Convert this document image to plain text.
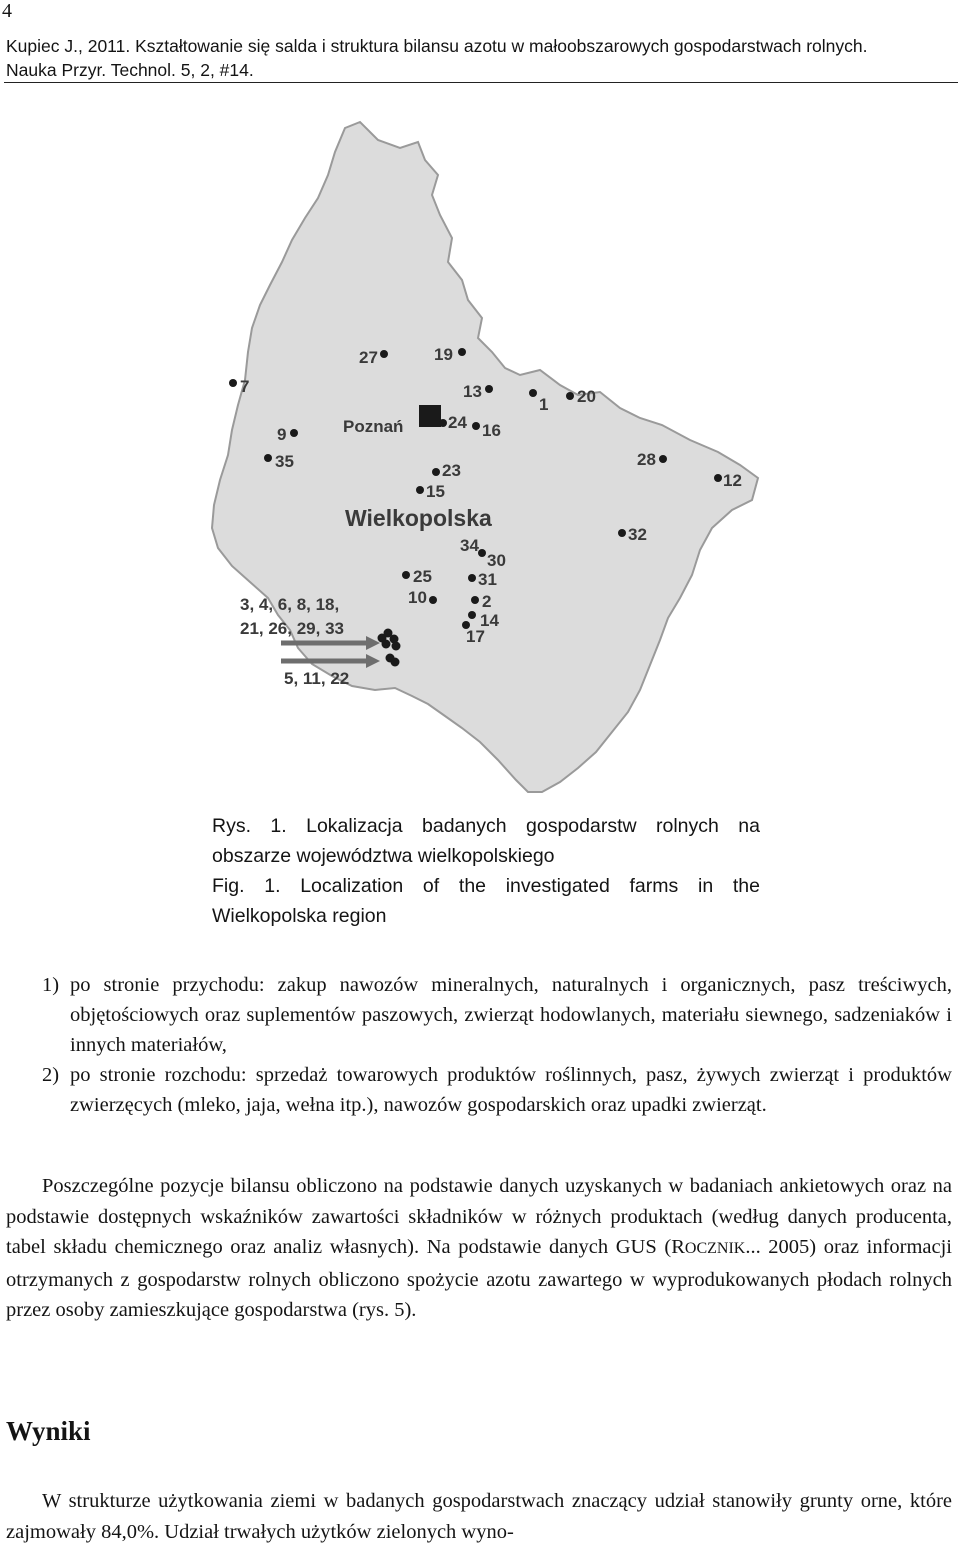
4
Kupiec J., 2011. Kształtowanie się salda i struktura bilansu azotu w małoobszarowych gospodarstwach rolnych.
Nauka Przyr. Technol. 5, 2, #14.
Poznań
Wielkopolska
7
27	19
13
1 20
9
35
24 16
28
12
23
15
32
34
30
25	31
10	2
14
17
3, 4, 6, 8, 18,
21, 26, 29, 33
5, 11, 22

Rys. 1. Lokalizacja badanych gospodarstw rolnych na

obszarze województwa wielkopolskiego

Fig. 1. Localization of the investigated farms in the

Wielkopolska region

1) po stronie przychodu: zakup nawozów mineralnych, naturalnych i organicznych, pasz treściwych, objętościowych oraz suplementów paszowych, zwierząt hodowlanych, materiału siewnego, sadzeniaków i innych materiałów,
2) po stronie rozchodu: sprzedaż towarowych produktów roślinnych, pasz, żywych zwierząt i produktów zwierzęcych (mleko, jaja, wełna itp.), nawozów gospodarskich oraz upadki zwierząt.

Poszczególne pozycje bilansu obliczono na podstawie danych uzyskanych w badaniach ankietowych oraz na podstawie dostępnych wskaźników zawartości składników w różnych produktach (według danych producenta, tabel składu chemicznego oraz analiz własnych). Na podstawie danych GUS (ROCZNIK... 2005) oraz informacji otrzymanych z gospodarstw rolnych obliczono spożycie azotu zawartego w wyprodukowanych płodach rolnych przez osoby zamieszkujące gospodarstwa (rys. 5).

Wyniki

W strukturze użytkowania ziemi w badanych gospodarstwach znaczący udział stanowiły grunty orne, które zajmowały 84,0%. Udział trwałych użytków zielonych wyno-
